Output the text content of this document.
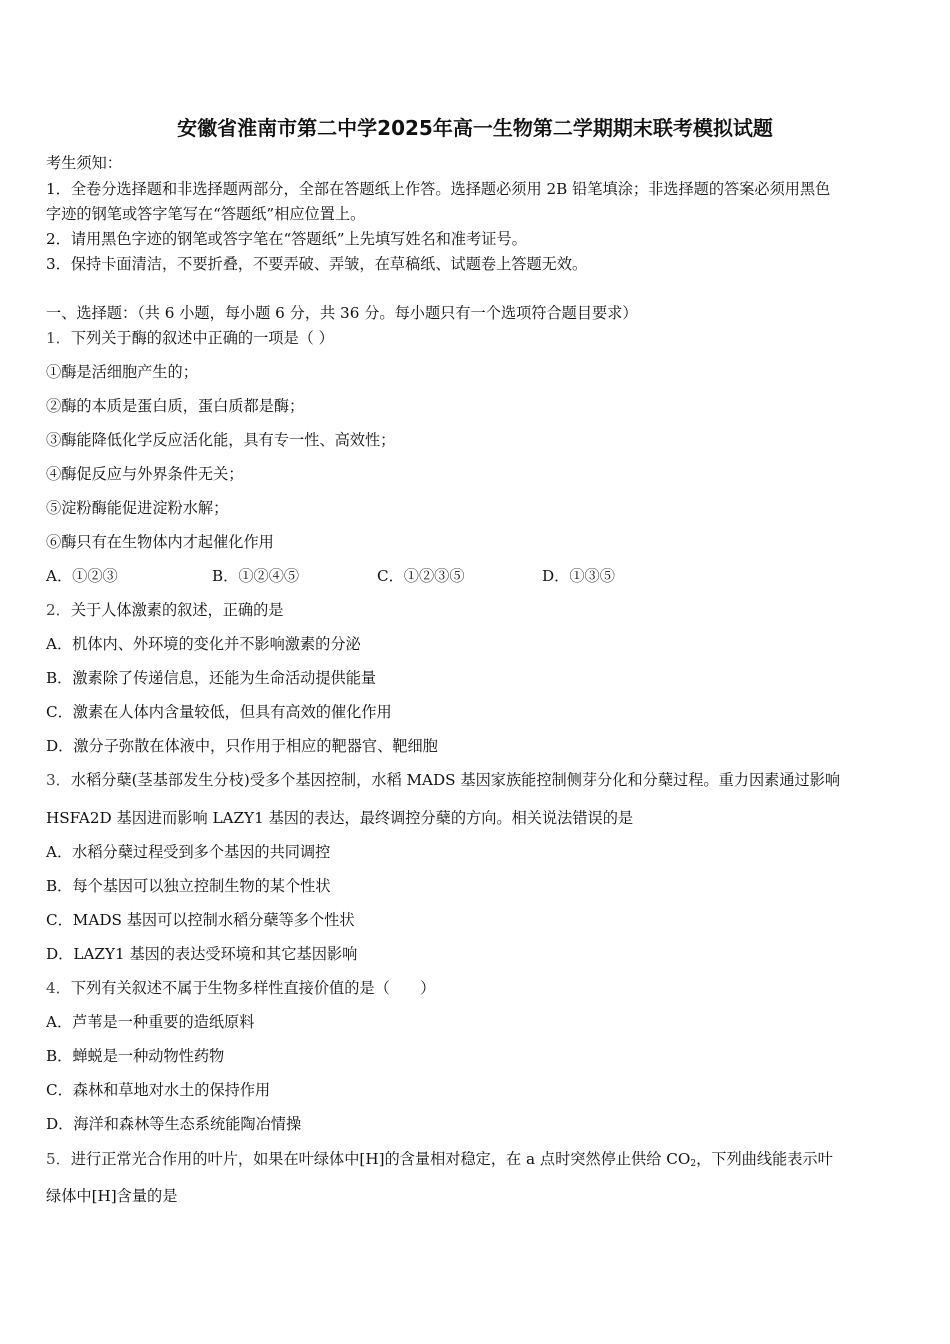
安徽省淮南市第二中学2025年高一生物第二学期期末联考模拟试题
考生须知：
1．全卷分选择题和非选择题两部分，全部在答题纸上作答。选择题必须用 2B 铅笔填涂；非选择题的答案必须用黑色
字迹的钢笔或答字笔写在“答题纸”相应位置上。
2．请用黑色字迹的钢笔或答字笔在“答题纸”上先填写姓名和准考证号。
3．保持卡面清洁，不要折叠，不要弄破、弄皱，在草稿纸、试题卷上答题无效。
一、选择题：（共 6 小题，每小题 6 分，共 36 分。每小题只有一个选项符合题目要求）
1．下列关于酶的叙述中正确的一项是（ ）
①酶是活细胞产生的；
②酶的本质是蛋白质，蛋白质都是酶；
③酶能降低化学反应活化能，具有专一性、高效性；
④酶促反应与外界条件无关；
⑤淀粉酶能促进淀粉水解；
⑥酶只有在生物体内才起催化作用
A．①②③	B．①②④⑤	C．①②③⑤	D．①③⑤
2．关于人体激素的叙述，正确的是
A．机体内、外环境的变化并不影响激素的分泌
B．激素除了传递信息，还能为生命活动提供能量
C．激素在人体内含量较低，但具有高效的催化作用
D．激分子弥散在体液中，只作用于相应的靶器官、靶细胞
3．水稻分蘖(茎基部发生分枝)受多个基因控制，水稻 MADS 基因家族能控制侧芽分化和分蘖过程。重力因素通过影响
HSFA2D 基因进而影响 LAZY1 基因的表达，最终调控分蘖的方向。相关说法错误的是
A．水稻分蘖过程受到多个基因的共同调控
B．每个基因可以独立控制生物的某个性状
C．MADS 基因可以控制水稻分蘖等多个性状
D．LAZY1 基因的表达受环境和其它基因影响
4．下列有关叙述不属于生物多样性直接价值的是（　　）
A．芦苇是一种重要的造纸原料
B．蝉蜕是一种动物性药物
C．森林和草地对水土的保持作用
D．海洋和森林等生态系统能陶冶情操
5．进行正常光合作用的叶片，如果在叶绿体中[H]的含量相对稳定，在 a 点时突然停止供给 $CO_2$，下列曲线能表示叶
绿体中[H]含量的是
